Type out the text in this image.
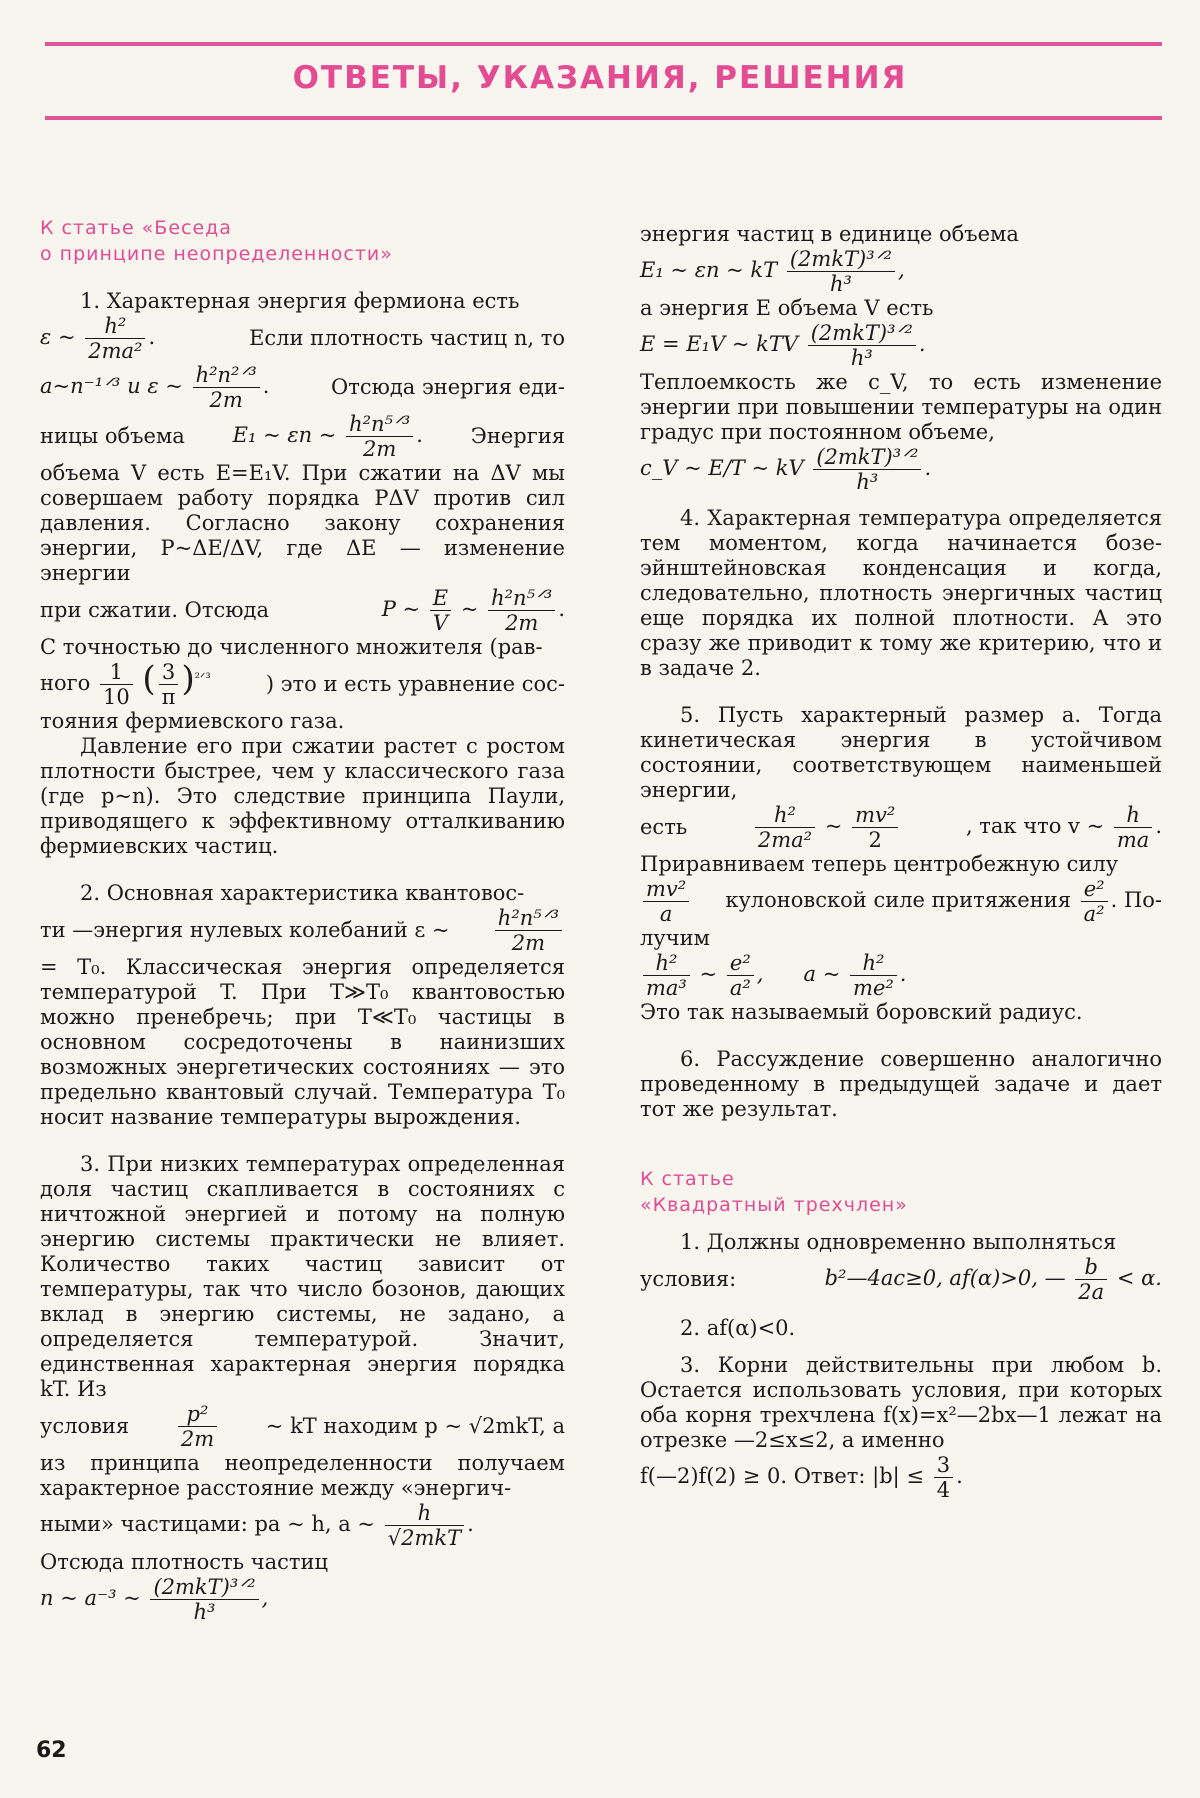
ОТВЕТЫ, УКАЗАНИЯ, РЕШЕНИЯ

К статье «Беседа

о принципе неопределенности»

1. Характерная энергия фермиона есть

ε ~ $\frac{\text{h²}}{\text{2ma²}}$ .	Если плотность частиц n, то

a~n⁻¹ᐟ³ и ε ~ $\frac{\text{h²n²ᐟ³}}{2m}$ .	Отсюда энергия еди-

ницы объема E₁ ~ εn ~ $\frac{\text{h²n⁵ᐟ³}}{2m}$ . Энергия

объема V есть E=E₁V. При сжатии на ΔV мы совершаем работу порядка PΔV против сил давления. Согласно закону сохранения энергии, P~ΔE/ΔV, где ΔE — изменение энергии

при сжатии. Отсюда	P ~ $\frac{E}{V}$ ~ $\frac{\text{h²n⁵ᐟ³}}{2m}$ .

С точностью до численного множителя (рав-

ного $\frac{1}{10}$ ( $\frac{3}{\pi} )^{^2ᐟ^3}$	) это и есть уравнение сос-

тояния фермиевского газа.

Давление его при сжатии растет с ростом плотности быстрее, чем у классического газа (где p~n). Это следствие принципа Паули, приводящего к эффективному отталкиванию фермиевских частиц.

2. Основная характеристика квантовос-

ти —энергия нулевых колебаний ε ~ $\frac{\text{h²n⁵ᐟ³}}{2m}$

= T₀. Классическая энергия определяется температурой T. При T≫T₀ квантовостью можно пренебречь; при T≪T₀ частицы в основном сосредоточены в наинизших возможных энергетических состояниях — это предельно квантовый случай. Температура T₀ носит название температуры вырождения.

3. При низких температурах определенная доля частиц скапливается в состояниях с ничтожной энергией и потому на полную энергию системы практически не влияет. Количество таких частиц зависит от температуры, так что число бозонов, дающих вклад в энергию системы, не задано, а определяется температурой. Значит, единственная характерная энергия порядка kT. Из

условия $\frac{\text{p²}}{2m}$ ~ kT находим p ~ √2mkT, а

из принципа неопределенности получаем характерное расстояние между «энергич-

ными» частицами: pa ~ h, a ~ $\frac{h}{\text{√2mkT}}$ .

Отсюда плотность частиц

n ~ a⁻³ ~ $\frac{\text{(2mkT)³ᐟ²}}{\text{h³}}$ ,

энергия частиц в единице объема

E₁ ~ εn ~ kT $\frac{\text{(2mkT)³ᐟ²}}{\text{h³}}$ ,

а энергия E объема V есть

E = E₁V ~ kTV $\frac{\text{(2mkT)³ᐟ²}}{\text{h³}}$ .

Теплоемкость же c_V, то есть изменение энергии при повышении температуры на один градус при постоянном объеме,

c_V ~ E/T ~ kV $\frac{\text{(2mkT)³ᐟ²}}{\text{h³}}$ .

4. Характерная температура определяется тем моментом, когда начинается бозе-эйнштейновская конденсация и когда, следовательно, плотность энергичных частиц еще порядка их полной плотности. А это сразу же приводит к тому же критерию, что и в задаче 2.

5. Пусть характерный размер a. Тогда кинетическая энергия в устойчивом состоянии, соответствующем наименьшей энергии,

есть	$\frac{\text{h²}}{\text{2ma²}}$ ~ $\frac{\text{mv²}}{2}$	, так что v ~ $\frac{h}{ma}$ .

Приравниваем теперь центробежную силу

$\frac{\text{mv²}}{a}$ кулоновской силе притяжения $\frac{\text{e²}}{\text{a²}}$ . По-

лучим

$\frac{\text{h²}}{\text{ma³}}$ ~ $\frac{\text{e²}}{\text{a²}}$ , a ~ $\frac{\text{h²}}{\text{me²}}$ .

Это так называемый боровский радиус.

6. Рассуждение совершенно аналогично проведенному в предыдущей задаче и дает тот же результат.

К статье

«Квадратный трехчлен»

1. Должны одновременно выполняться

условия:	b²—4ac≥0, af(α)>0, — $\frac{b}{2a} < \alpha$.

2. af(α)<0.

3. Корни действительны при любом b. Остается использовать условия, при которых оба корня трехчлена f(x)=x²—2bx—1 лежат на отрезке —2≤x≤2, а именно

f(—2)f(2) ≥ 0. Ответ: $|b| \le \frac{3}{4}$ .

62
